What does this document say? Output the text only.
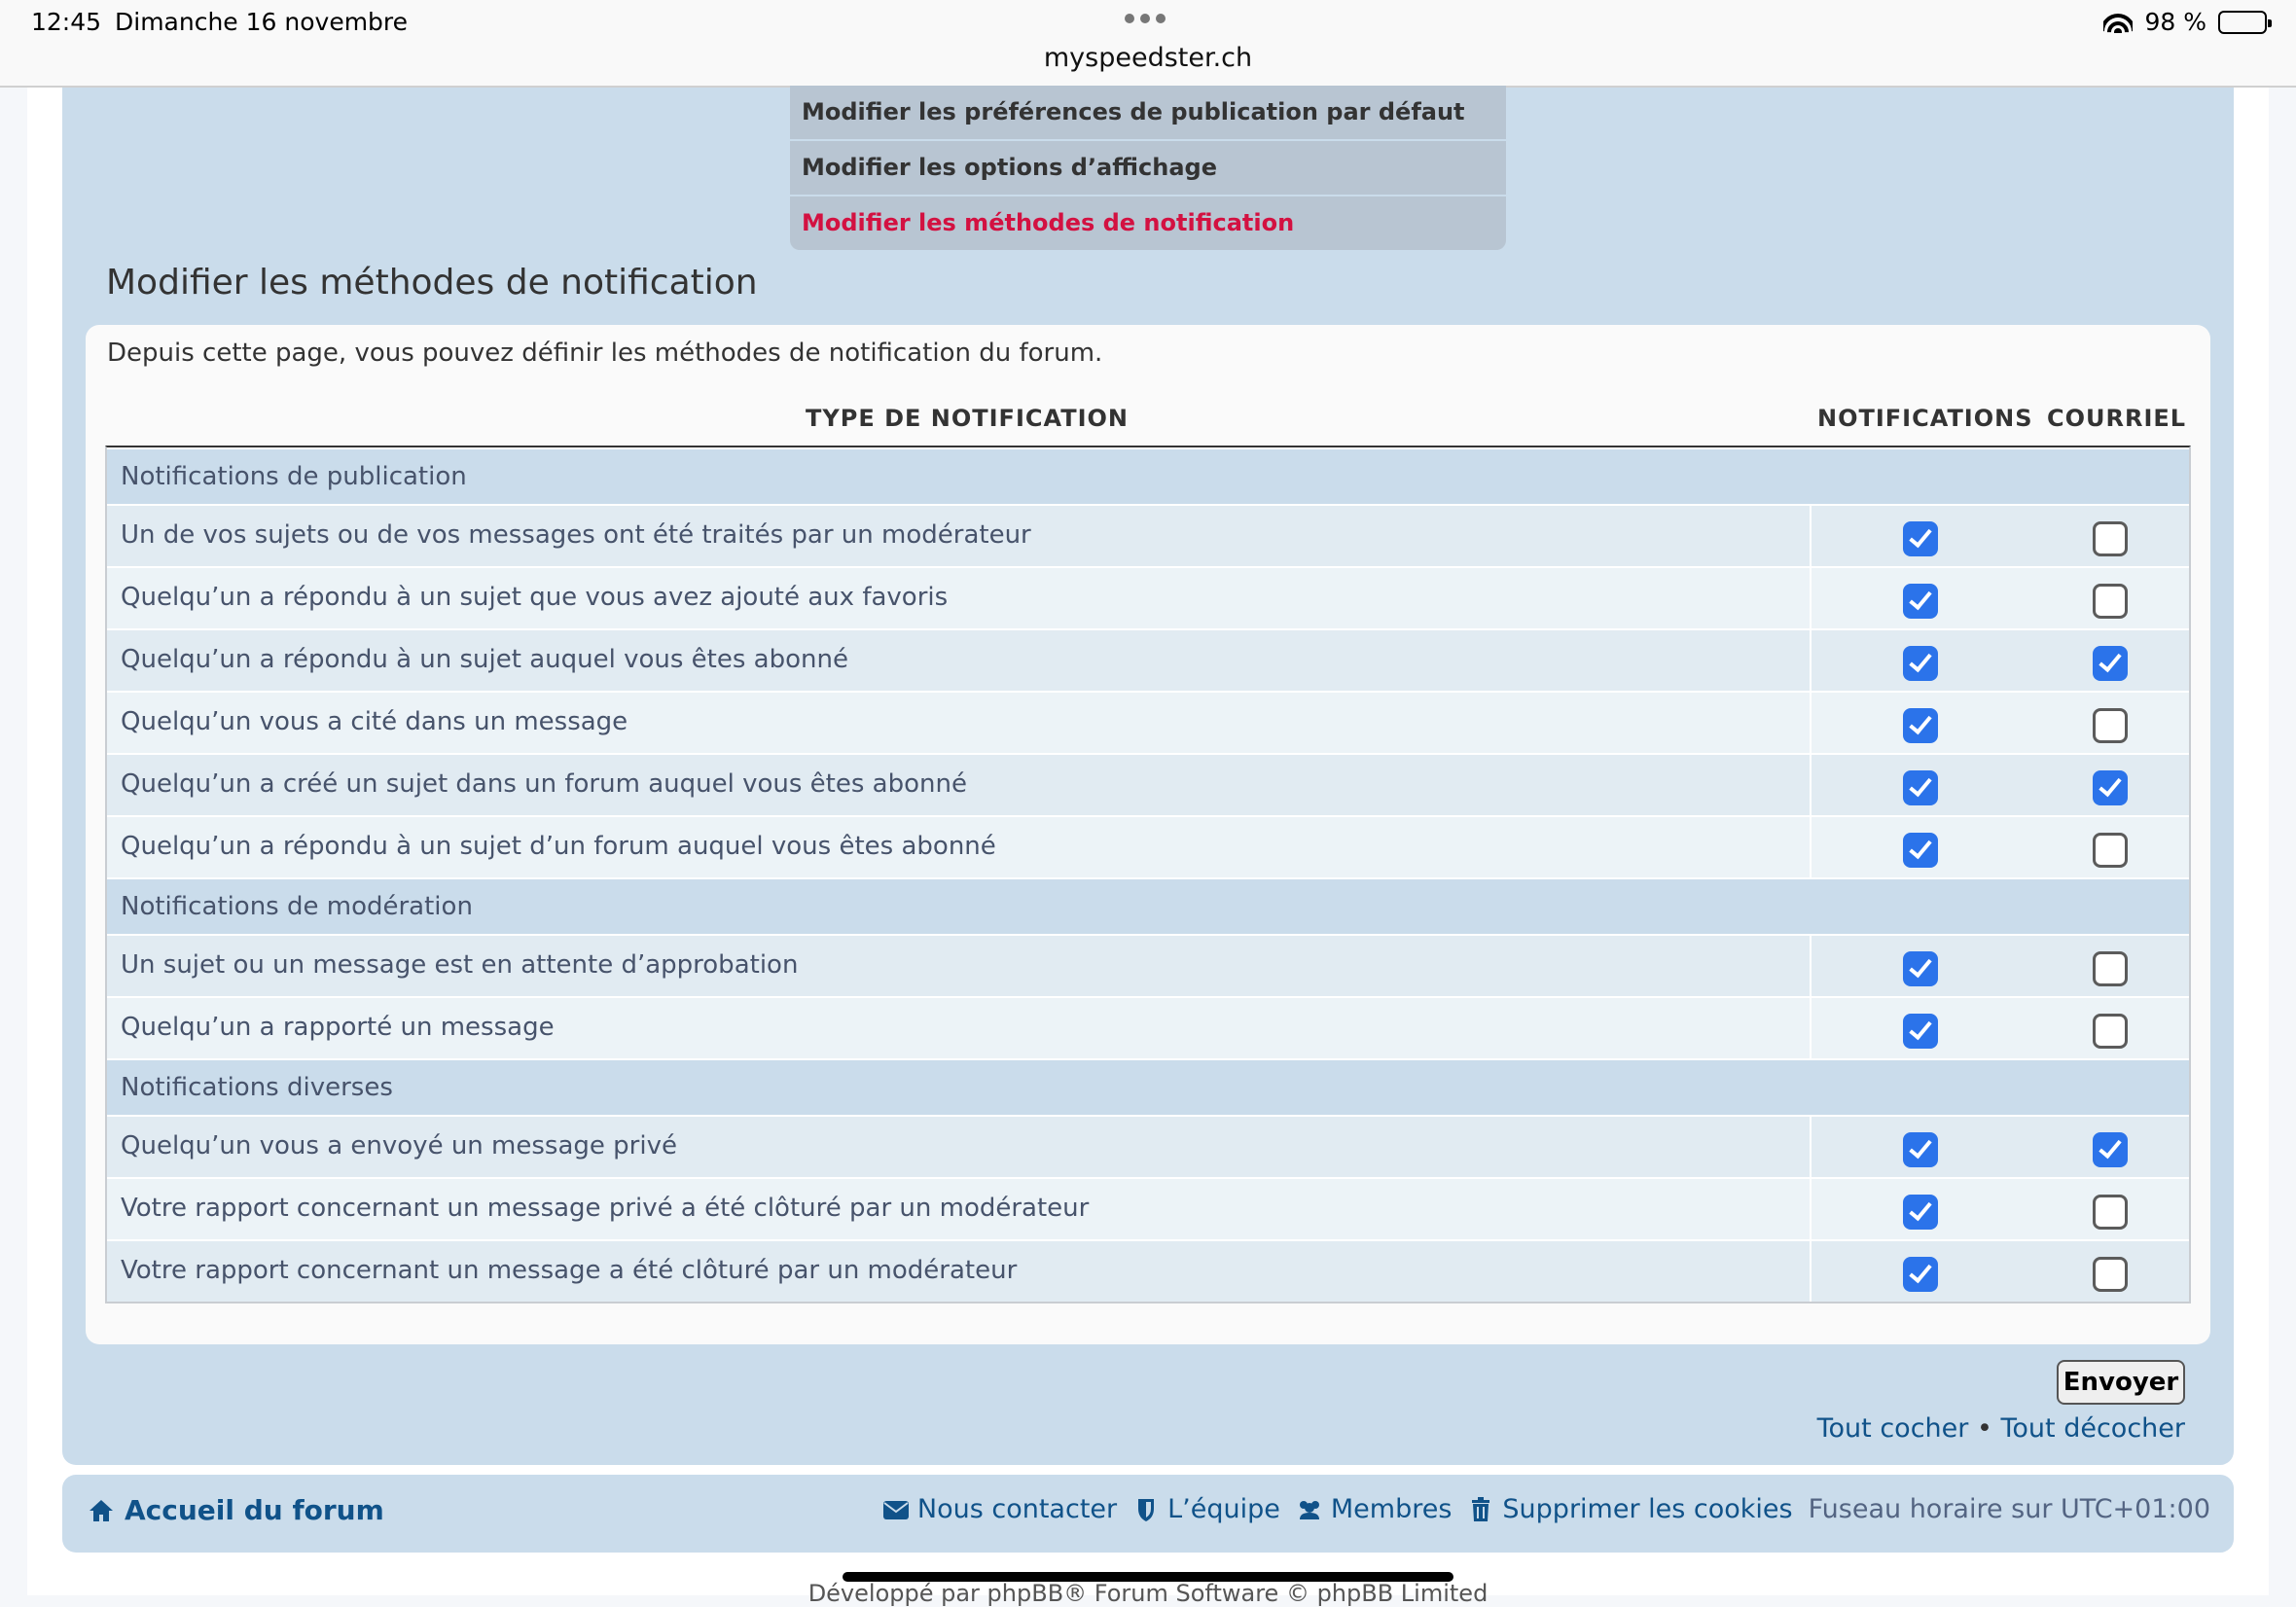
12:45 Dimanche 16 novembre
myspeedster.ch
98 %
Modifier les préférences de publication par défaut
Modifier les options d’affichage
Modifier les méthodes de notification
Modifier les méthodes de notification
Depuis cette page, vous pouvez définir les méthodes de notification du forum.
TYPE DE NOTIFICATION	NOTIFICATIONS COURRIEL
Notifications de publication
Un de vos sujets ou de vos messages ont été traités par un modérateur
Quelqu’un a répondu à un sujet que vous avez ajouté aux favoris
Quelqu’un a répondu à un sujet auquel vous êtes abonné
Quelqu’un vous a cité dans un message
Quelqu’un a créé un sujet dans un forum auquel vous êtes abonné
Quelqu’un a répondu à un sujet d’un forum auquel vous êtes abonné
Notifications de modération
Un sujet ou un message est en attente d’approbation
Quelqu’un a rapporté un message
Notifications diverses
Quelqu’un vous a envoyé un message privé
Votre rapport concernant un message privé a été clôturé par un modérateur
Votre rapport concernant un message a été clôturé par un modérateur
Envoyer
Tout cocher • Tout décocher
Accueil du forum	Nous contacter L’équipe Membres Supprimer les cookies Fuseau horaire sur UTC+01:00
Développé par phpBB® Forum Software © phpBB Limited
